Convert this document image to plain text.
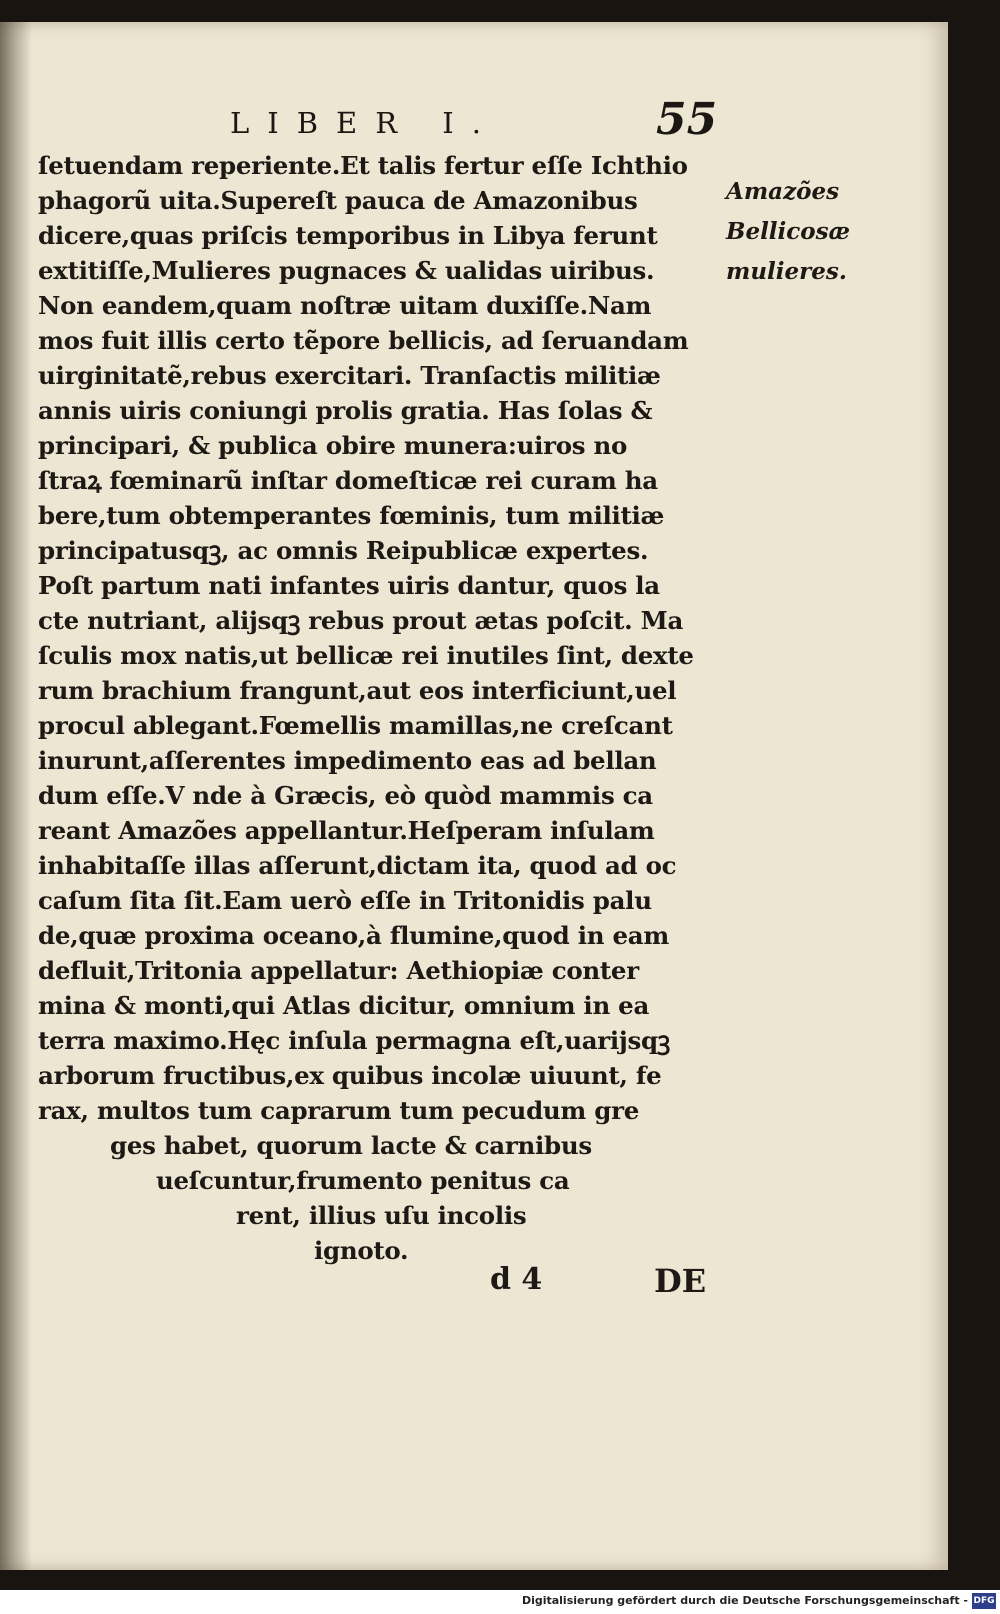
LIBER I.	55
ſetuendam reperiente.Et talis fertur eſſe Ichthio
phagorũ uita.Supereſt pauca de Amazonibus
dicere,quas priſcis temporibus in Libya ferunt
extitiſſe,Mulieres pugnaces & ualidas uiribus.
Non eandem,quam noſtræ uitam duxiſſe.Nam
mos fuit illis certo tẽpore bellicis, ad ſeruandam
uirginitatẽ,rebus exercitari. Tranſactis militiæ
annis uiris coniungi prolis gratia. Has ſolas &
principari, & publica obire munera:uiros no
ſtraꝝ fœminarũ inſtar domeſticæ rei curam ha
bere,tum obtemperantes fœminis, tum militiæ
principatusqꝫ, ac omnis Reipublicæ expertes.
Poſt partum nati infantes uiris dantur, quos la
cte nutriant, alijsqꝫ rebus prout ætas poſcit. Ma
ſculis mox natis,ut bellicæ rei inutiles ſint, dexte
rum brachium frangunt,aut eos interficiunt,uel
procul ablegant.Fœmellis mamillas,ne creſcant
inurunt,aſſerentes impedimento eas ad bellan
dum eſſe.V nde à Græcis, eò quòd mammis ca
reant Amazões appellantur.Heſperam inſulam
inhabitaſſe illas aſſerunt,dictam ita, quod ad oc
caſum ſita ſit.Eam uerò eſſe in Tritonidis palu
de,quæ proxima oceano,à flumine,quod in eam
defluit,Tritonia appellatur: Aethiopiæ conter
mina & monti,qui Atlas dicitur, omnium in ea
terra maximo.Hęc inſula permagna eſt,uarijsqꝫ
arborum fructibus,ex quibus incolæ uiuunt, fe
rax, multos tum caprarum tum pecudum gre
ges habet, quorum lacte & carnibus
ueſcuntur,frumento penitus ca
rent, illius uſu incolis
ignoto.
Amazões
Bellicosæ
mulieres.
d 4	DE
Digitalisierung gefördert durch die Deutsche Forschungsgemeinschaft - DFG
